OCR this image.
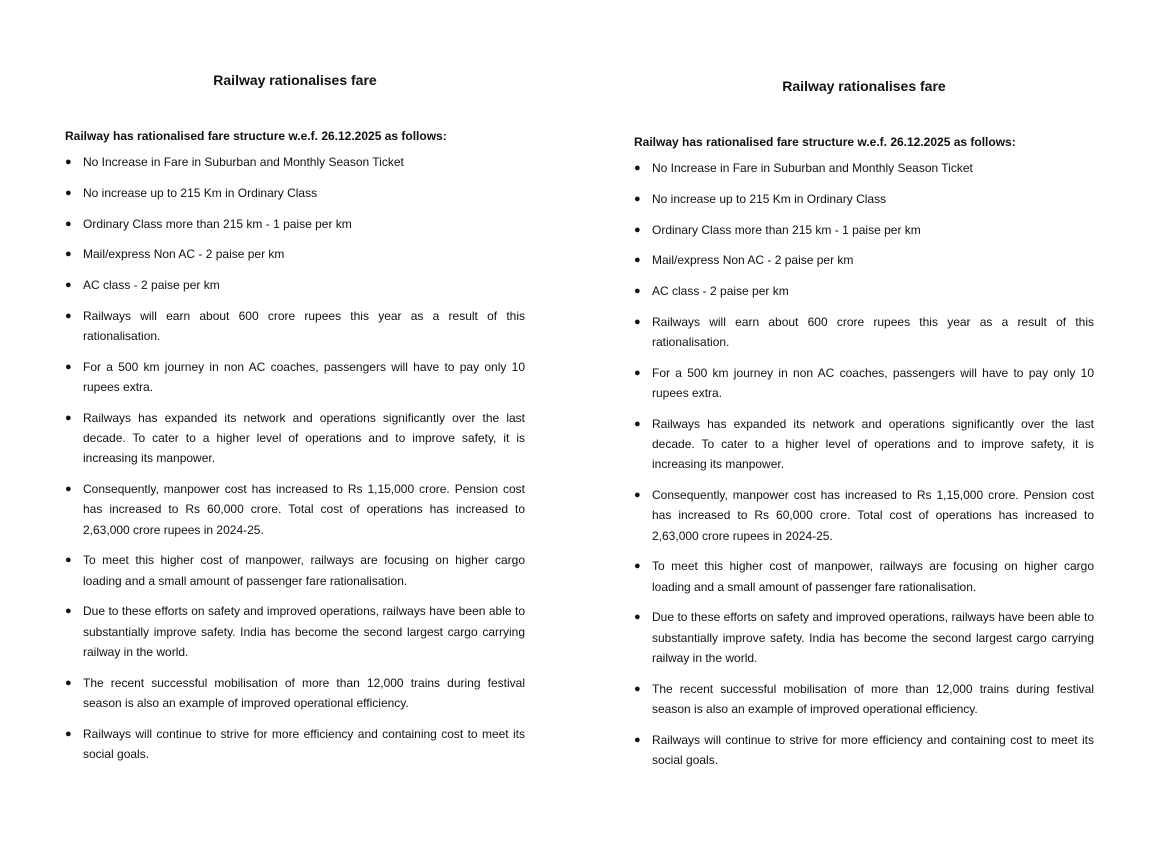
Railway rationalises fare
Railway has rationalised fare structure w.e.f. 26.12.2025 as follows:
● No Increase in Fare in Suburban and Monthly Season Ticket
● No increase up to 215 Km in Ordinary Class
● Ordinary Class more than 215 km - 1 paise per km
● Mail/express Non AC - 2 paise per km
● AC class - 2 paise per km
● Railways will earn about 600 crore rupees this year as a result of this rationalisation.
● For a 500 km journey in non AC coaches, passengers will have to pay only 10 rupees extra.
● Railways has expanded its network and operations significantly over the last decade. To cater to a higher level of operations and to improve safety, it is increasing its manpower.
● Consequently, manpower cost has increased to Rs 1,15,000 crore. Pension cost has increased to Rs 60,000 crore. Total cost of operations has increased to 2,63,000 crore rupees in 2024-25.
● To meet this higher cost of manpower, railways are focusing on higher cargo loading and a small amount of passenger fare rationalisation.
● Due to these efforts on safety and improved operations, railways have been able to substantially improve safety. India has become the second largest cargo carrying railway in the world.
● The recent successful mobilisation of more than 12,000 trains during festival season is also an example of improved operational efficiency.
● Railways will continue to strive for more efficiency and containing cost to meet its social goals.
Railway rationalises fare
Railway has rationalised fare structure w.e.f. 26.12.2025 as follows:
● No Increase in Fare in Suburban and Monthly Season Ticket
● No increase up to 215 Km in Ordinary Class
● Ordinary Class more than 215 km - 1 paise per km
● Mail/express Non AC - 2 paise per km
● AC class - 2 paise per km
● Railways will earn about 600 crore rupees this year as a result of this rationalisation.
● For a 500 km journey in non AC coaches, passengers will have to pay only 10 rupees extra.
● Railways has expanded its network and operations significantly over the last decade. To cater to a higher level of operations and to improve safety, it is increasing its manpower.
● Consequently, manpower cost has increased to Rs 1,15,000 crore. Pension cost has increased to Rs 60,000 crore. Total cost of operations has increased to 2,63,000 crore rupees in 2024-25.
● To meet this higher cost of manpower, railways are focusing on higher cargo loading and a small amount of passenger fare rationalisation.
● Due to these efforts on safety and improved operations, railways have been able to substantially improve safety. India has become the second largest cargo carrying railway in the world.
● The recent successful mobilisation of more than 12,000 trains during festival season is also an example of improved operational efficiency.
● Railways will continue to strive for more efficiency and containing cost to meet its social goals.
